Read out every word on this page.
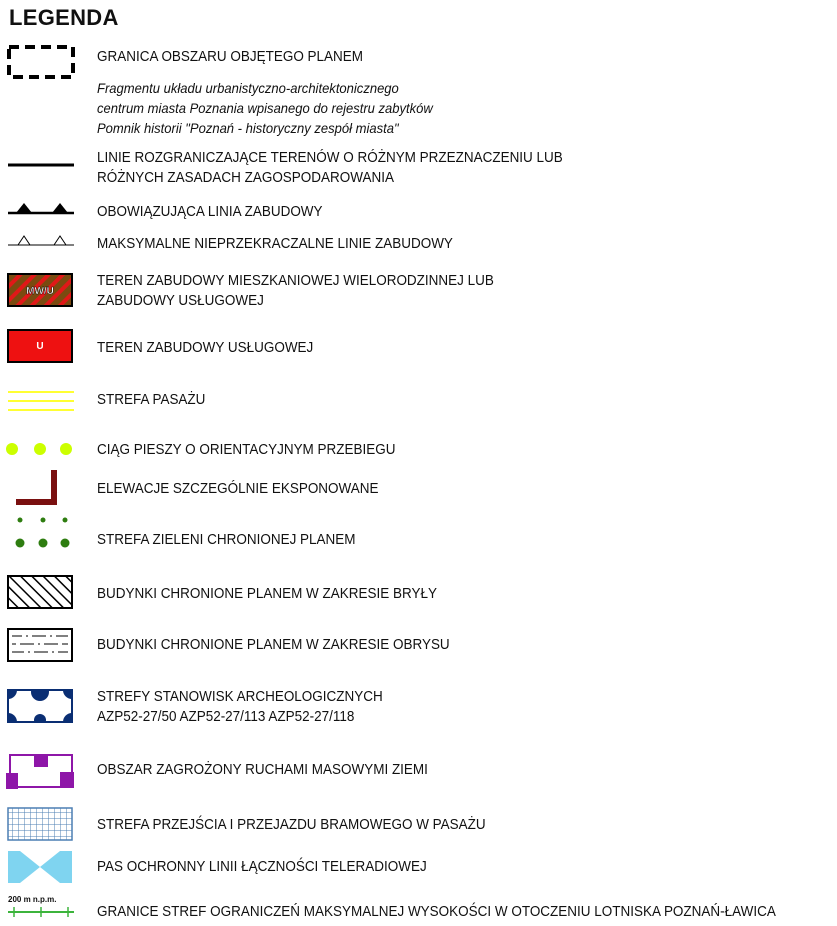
LEGENDA
GRANICA OBSZARU OBJĘTEGO PLANEM
Fragmentu układu urbanistyczno-architektonicznego
centrum miasta Poznania wpisanego do rejestru zabytków
Pomnik historii "Poznań - historyczny zespół miasta"
LINIE ROZGRANICZAJĄCE TERENÓW O RÓŻNYM PRZEZNACZENIU LUB
RÓŻNYCH ZASADACH ZAGOSPODAROWANIA
OBOWIĄZUJĄCA LINIA ZABUDOWY
MAKSYMALNE NIEPRZEKRACZALNE LINIE ZABUDOWY
MW/U
TEREN ZABUDOWY MIESZKANIOWEJ WIELORODZINNEJ LUB
ZABUDOWY USŁUGOWEJ
U	TEREN ZABUDOWY USŁUGOWEJ
STREFA PASAŻU
CIĄG PIESZY O ORIENTACYJNYM PRZEBIEGU
ELEWACJE SZCZEGÓLNIE EKSPONOWANE
STREFA ZIELENI CHRONIONEJ PLANEM
BUDYNKI CHRONIONE PLANEM W ZAKRESIE BRYŁY
BUDYNKI CHRONIONE PLANEM W ZAKRESIE OBRYSU
STREFY STANOWISK ARCHEOLOGICZNYCH
AZP52-27/50 AZP52-27/113 AZP52-27/118
OBSZAR ZAGROŻONY RUCHAMI MASOWYMI ZIEMI
STREFA PRZEJŚCIA I PRZEJAZDU BRAMOWEGO W PASAŻU
PAS OCHRONNY LINII ŁĄCZNOŚCI TELERADIOWEJ
200 m n.p.m.
GRANICE STREF OGRANICZEŃ MAKSYMALNEJ WYSOKOŚCI W OTOCZENIU LOTNISKA POZNAŃ-ŁAWICA
